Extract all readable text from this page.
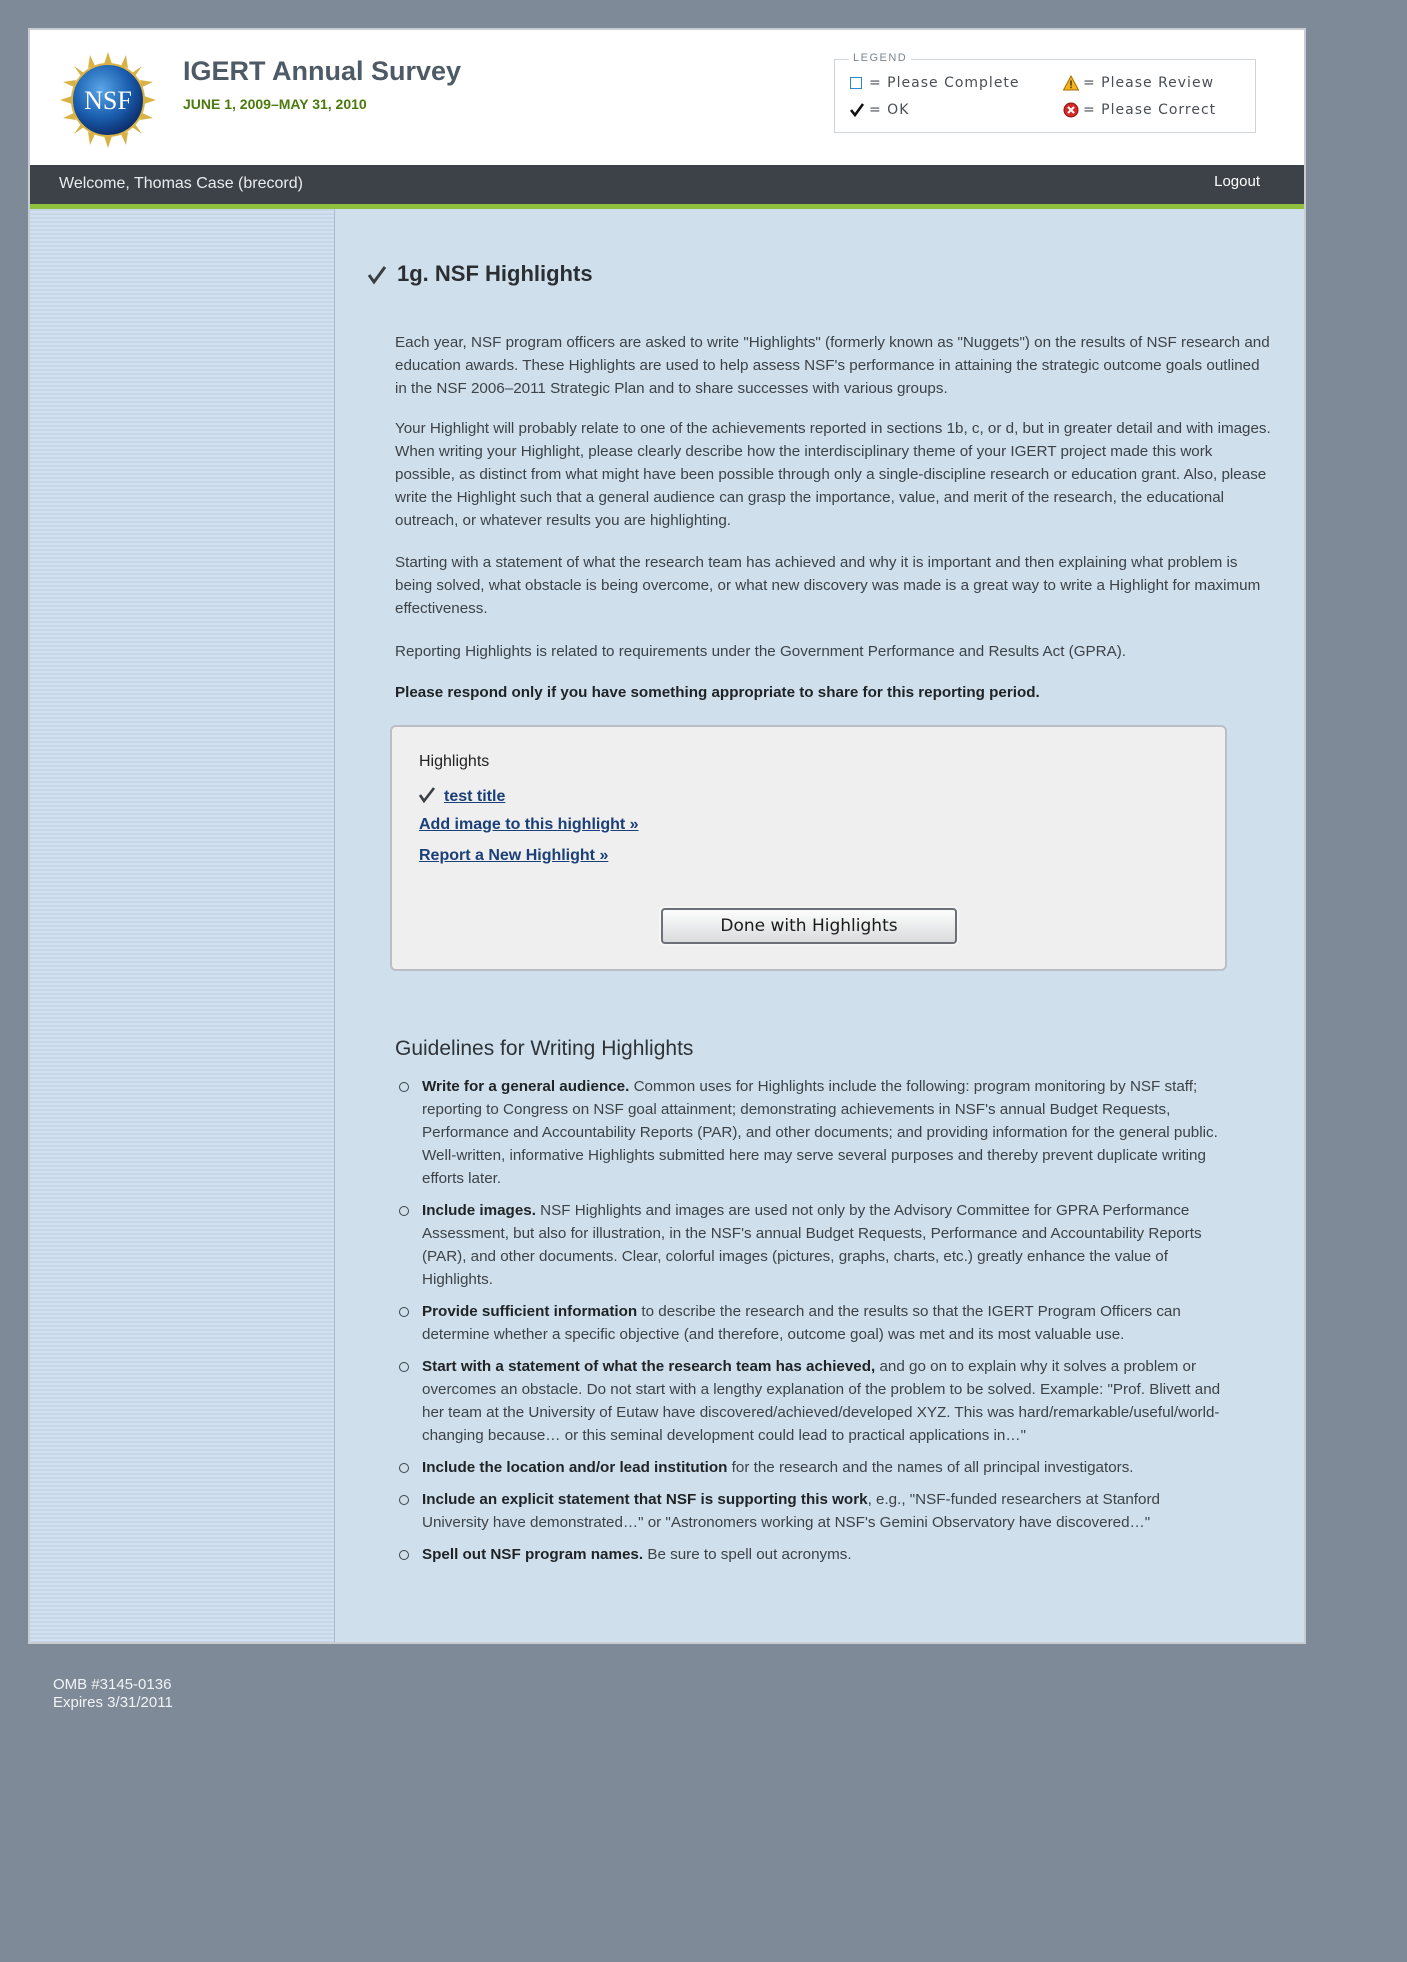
NSF
IGERT Annual Survey
JUNE 1, 2009–MAY 31, 2010
LEGEND
= Please Complete
= OK
= Please Review
= Please Correct
Welcome, Thomas Case (brecord)	Logout
1g. NSF Highlights
Each year, NSF program officers are asked to write "Highlights" (formerly known as "Nuggets") on the results of NSF research and education awards. These Highlights are used to help assess NSF's performance in attaining the strategic outcome goals outlined in the NSF 2006–2011 Strategic Plan and to share successes with various groups.
Your Highlight will probably relate to one of the achievements reported in sections 1b, c, or d, but in greater detail and with images. When writing your Highlight, please clearly describe how the interdisciplinary theme of your IGERT project made this work possible, as distinct from what might have been possible through only a single-discipline research or education grant. Also, please write the Highlight such that a general audience can grasp the importance, value, and merit of the research, the educational outreach, or whatever results you are highlighting.
Starting with a statement of what the research team has achieved and why it is important and then explaining what problem is being solved, what obstacle is being overcome, or what new discovery was made is a great way to write a Highlight for maximum effectiveness.
Reporting Highlights is related to requirements under the Government Performance and Results Act (GPRA).
Please respond only if you have something appropriate to share for this reporting period.
Highlights
test title
Add image to this highlight »
Report a New Highlight »
Done with Highlights
Guidelines for Writing Highlights
Write for a general audience. Common uses for Highlights include the following: program monitoring by NSF staff; reporting to Congress on NSF goal attainment; demonstrating achievements in NSF's annual Budget Requests, Performance and Accountability Reports (PAR), and other documents; and providing information for the general public. Well-written, informative Highlights submitted here may serve several purposes and thereby prevent duplicate writing efforts later.
Include images. NSF Highlights and images are used not only by the Advisory Committee for GPRA Performance Assessment, but also for illustration, in the NSF's annual Budget Requests, Performance and Accountability Reports (PAR), and other documents. Clear, colorful images (pictures, graphs, charts, etc.) greatly enhance the value of Highlights.
Provide sufficient information to describe the research and the results so that the IGERT Program Officers can determine whether a specific objective (and therefore, outcome goal) was met and its most valuable use.
Start with a statement of what the research team has achieved, and go on to explain why it solves a problem or overcomes an obstacle. Do not start with a lengthy explanation of the problem to be solved. Example: "Prof. Blivett and her team at the University of Eutaw have discovered/achieved/developed XYZ. This was hard/remarkable/useful/world-changing because… or this seminal development could lead to practical applications in…"
Include the location and/or lead institution for the research and the names of all principal investigators.
Include an explicit statement that NSF is supporting this work, e.g., "NSF-funded researchers at Stanford University have demonstrated…" or "Astronomers working at NSF's Gemini Observatory have discovered…"
Spell out NSF program names. Be sure to spell out acronyms.
OMB #3145-0136
Expires 3/31/2011
